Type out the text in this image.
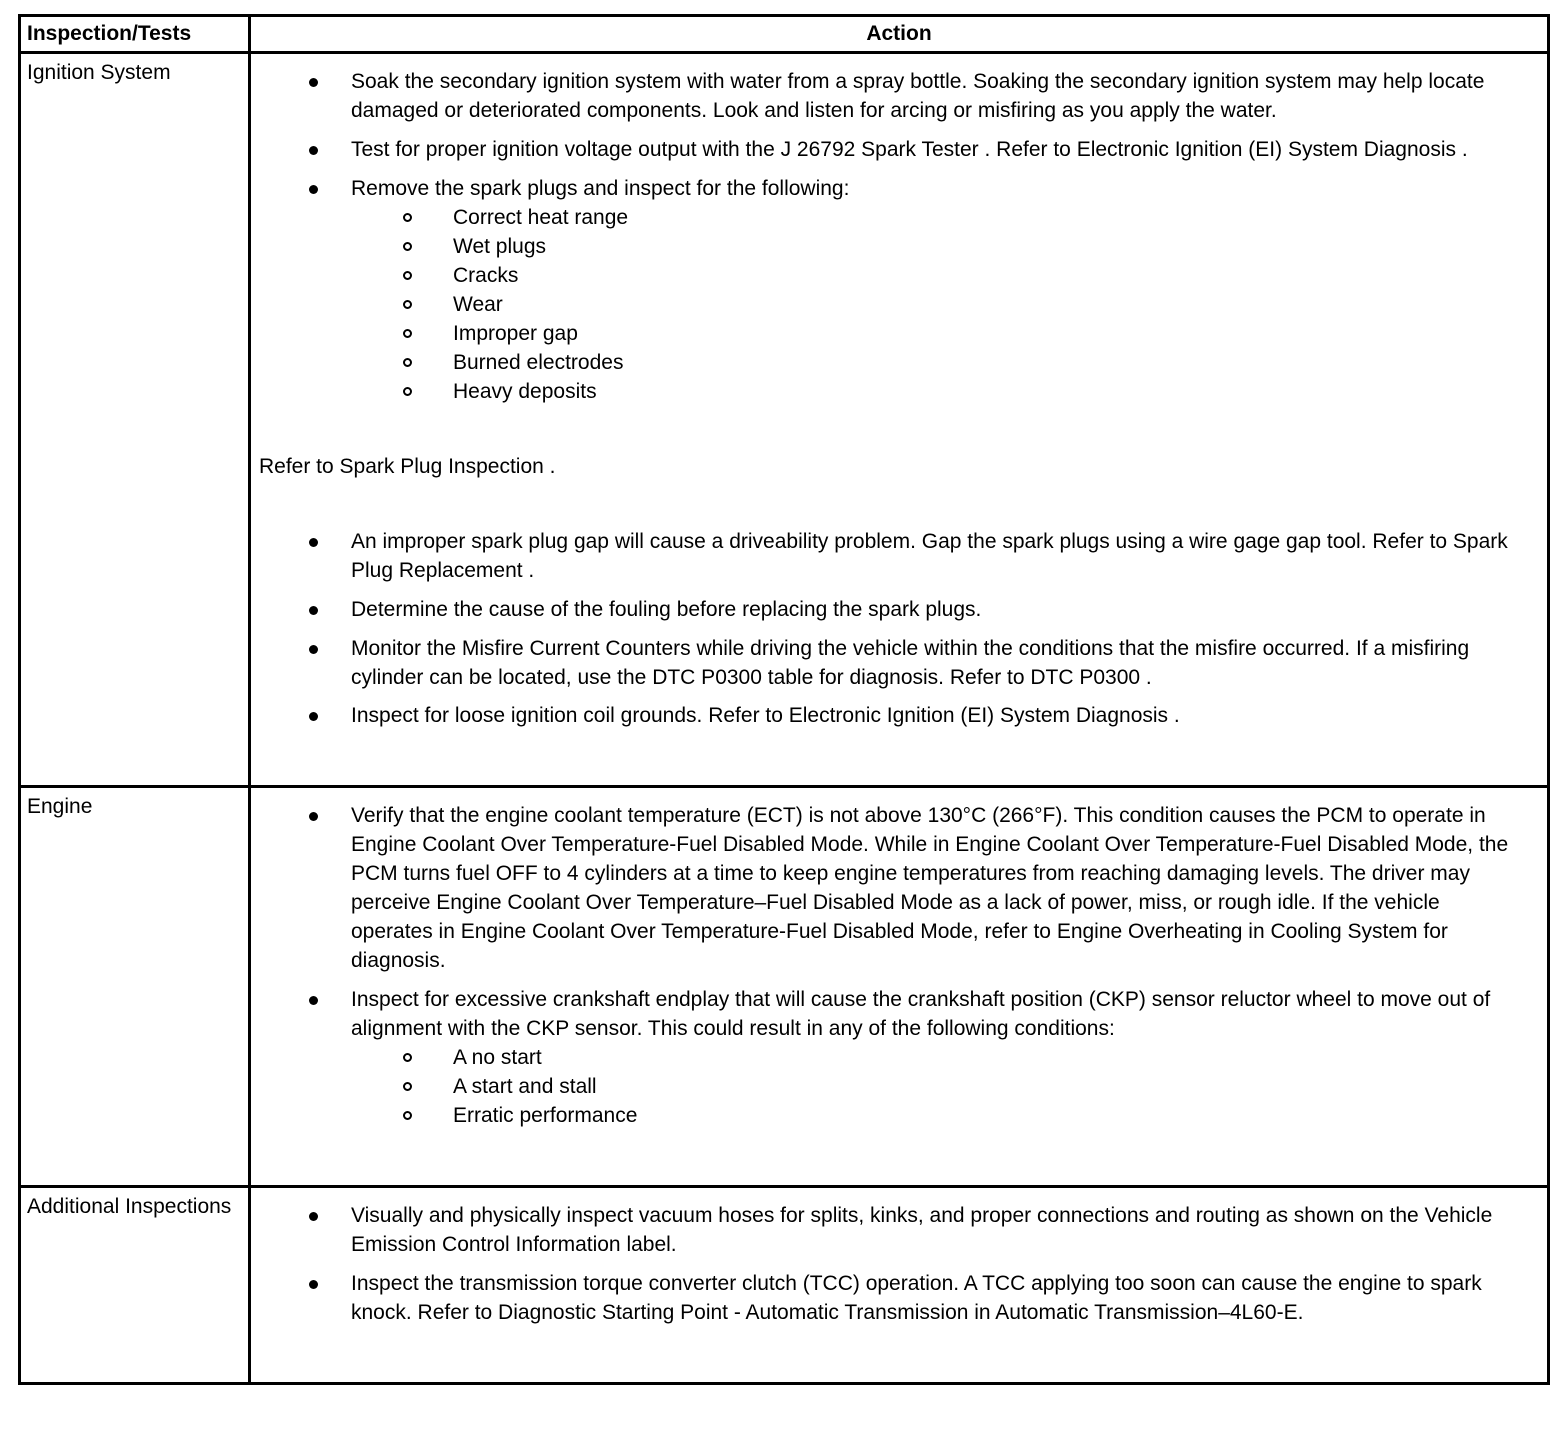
Inspection/Tests	Action
Ignition System	Soak the secondary ignition system with water from a spray bottle. Soaking the secondary ignition system may help locate damaged or deteriorated components. Look and listen for arcing or misfiring as you apply the water.
Test for proper ignition voltage output with the J 26792 Spark Tester . Refer to Electronic Ignition (EI) System Diagnosis .
Remove the spark plugs and inspect for the following:
Correct heat range
Wet plugs
Cracks
Wear
Improper gap
Burned electrodes
Heavy deposits

Refer to Spark Plug Inspection .

An improper spark plug gap will cause a driveability problem. Gap the spark plugs using a wire gage gap tool. Refer to Spark Plug Replacement .
Determine the cause of the fouling before replacing the spark plugs.
Monitor the Misfire Current Counters while driving the vehicle within the conditions that the misfire occurred. If a misfiring cylinder can be located, use the DTC P0300 table for diagnosis. Refer to DTC P0300 .
Inspect for loose ignition coil grounds. Refer to Electronic Ignition (EI) System Diagnosis .

Engine	Verify that the engine coolant temperature (ECT) is not above 130°C (266°F). This condition causes the PCM to operate in Engine Coolant Over Temperature-Fuel Disabled Mode. While in Engine Coolant Over Temperature-Fuel Disabled Mode, the PCM turns fuel OFF to 4 cylinders at a time to keep engine temperatures from reaching damaging levels. The driver may perceive Engine Coolant Over Temperature–Fuel Disabled Mode as a lack of power, miss, or rough idle. If the vehicle operates in Engine Coolant Over Temperature-Fuel Disabled Mode, refer to Engine Overheating in Cooling System for diagnosis.
Inspect for excessive crankshaft endplay that will cause the crankshaft position (CKP) sensor reluctor wheel to move out of alignment with the CKP sensor. This could result in any of the following conditions:
A no start
A start and stall
Erratic performance

Additional Inspections	Visually and physically inspect vacuum hoses for splits, kinks, and proper connections and routing as shown on the Vehicle Emission Control Information label.
Inspect the transmission torque converter clutch (TCC) operation. A TCC applying too soon can cause the engine to spark knock. Refer to Diagnostic Starting Point - Automatic Transmission in Automatic Transmission–4L60-E.
